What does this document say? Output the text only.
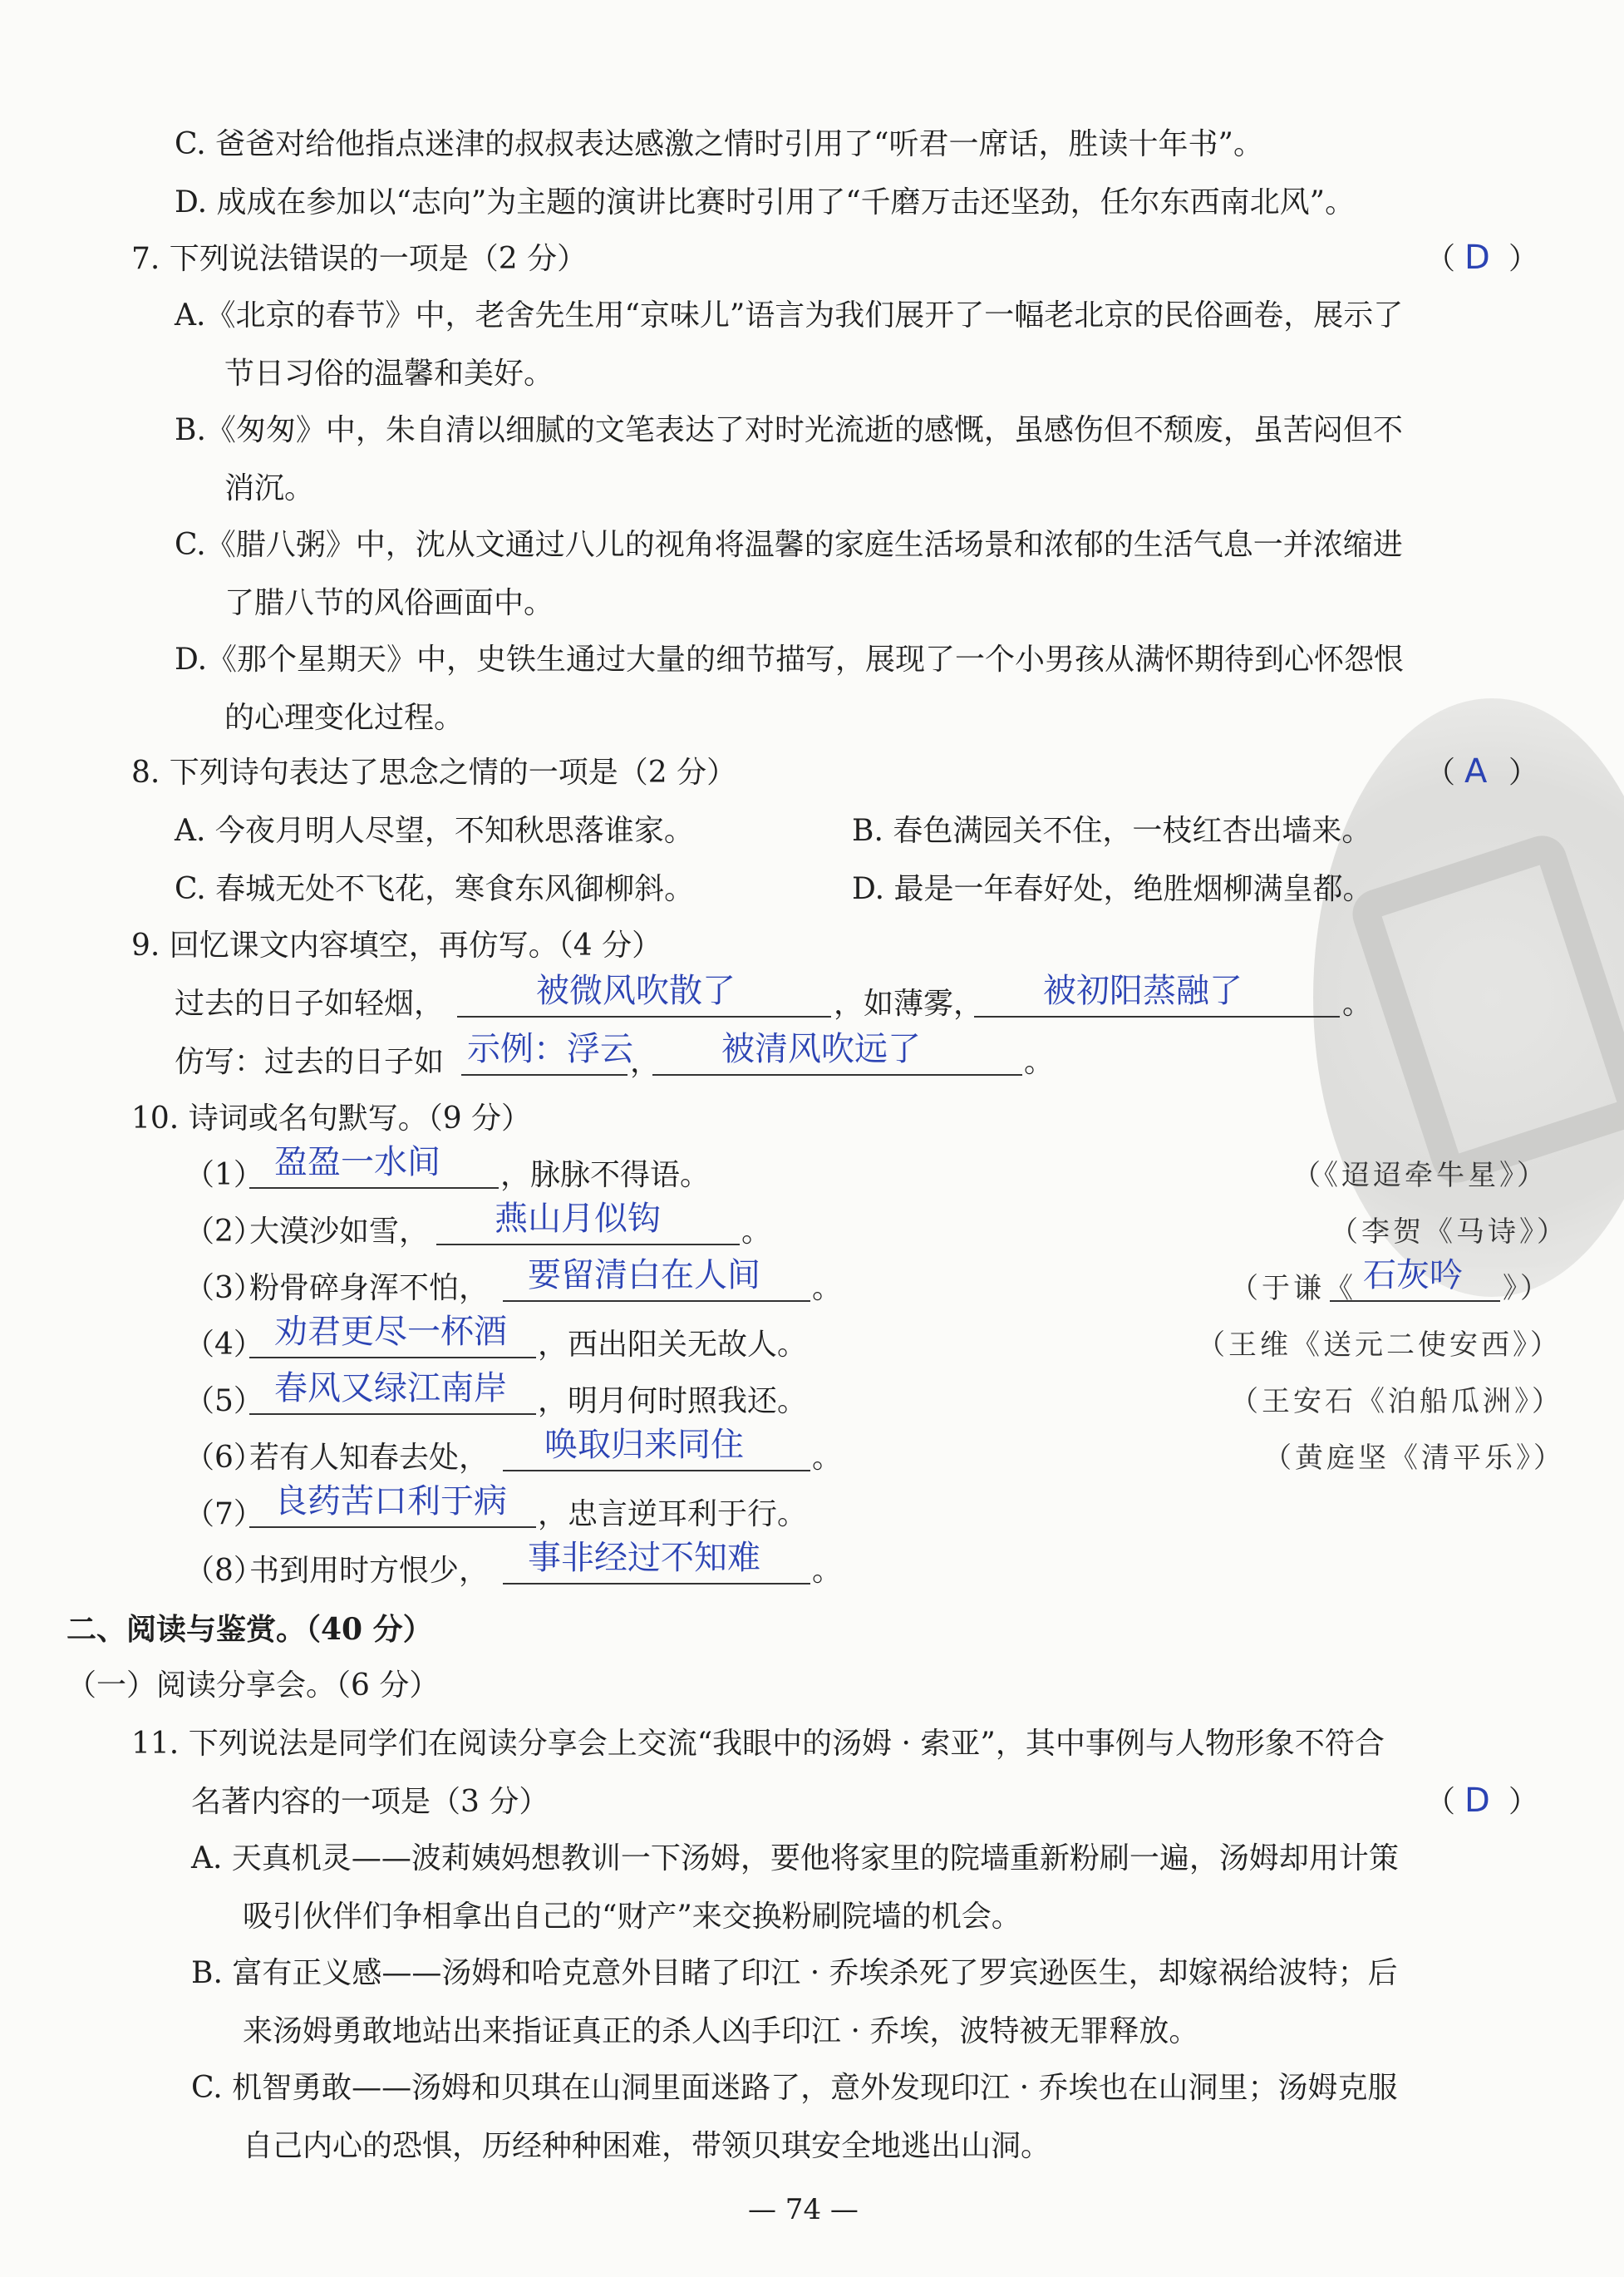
C. 爸爸对给他指点迷津的叔叔表达感激之情时引用了“听君一席话，胜读十年书”。
D. 成成在参加以“志向”为主题的演讲比赛时引用了“千磨万击还坚劲，任尔东西南北风”。
7. 下列说法错误的一项是（2 分）	（ D ）
A.《北京的春节》中，老舍先生用“京味儿”语言为我们展开了一幅老北京的民俗画卷，展示了
节日习俗的温馨和美好。
B.《匆匆》中，朱自清以细腻的文笔表达了对时光流逝的感慨，虽感伤但不颓废，虽苦闷但不
消沉。
C.《腊八粥》中，沈从文通过八儿的视角将温馨的家庭生活场景和浓郁的生活气息一并浓缩进
了腊八节的风俗画面中。
D.《那个星期天》中，史铁生通过大量的细节描写，展现了一个小男孩从满怀期待到心怀怨恨
的心理变化过程。
8. 下列诗句表达了思念之情的一项是（2 分）	（ A ）
A. 今夜月明人尽望，不知秋思落谁家。	B. 春色满园关不住，一枝红杏出墙来。
C. 春城无处不飞花，寒食东风御柳斜。	D. 最是一年春好处，绝胜烟柳满皇都。
9. 回忆课文内容填空，再仿写。（4 分）
过去的日子如轻烟，	被微风吹散了	，如薄雾， 被初阳蒸融了	。
仿写：过去的日子如 示例：浮云
， 被清风吹远了	。
10. 诗词或名句默写。（9 分）
（1） 盈盈一水间 ，脉脉不得语。	（《迢迢牵牛星》）
（2）
大漠沙如雪， 燕山月似钩	。	（李贺《马诗》）
（3）
粉骨碎身浑不怕， 要留清白在人间 。	（于谦《 石灰吟 》）
（4） 劝君更尽一杯酒 ，西出阳关无故人。	（王维《送元二使安西》）
（5） 春风又绿江南岸 ，明月何时照我还。	（王安石《泊船瓜洲》）
（6）
若有人知春去处， 唤取归来同住 。	（黄庭坚《清平乐》）
（7） 良药苦口利于病 ，忠言逆耳利于行。
（8）
书到用时方恨少， 事非经过不知难 。
二、阅读与鉴赏。（40 分）
（一）阅读分享会。（6 分）
11. 下列说法是同学们在阅读分享会上交流“我眼中的汤姆 · 索亚”，其中事例与人物形象不符合
名著内容的一项是（3 分）	（ D ）
A. 天真机灵——波莉姨妈想教训一下汤姆，要他将家里的院墙重新粉刷一遍，汤姆却用计策
吸引伙伴们争相拿出自己的“财产”来交换粉刷院墙的机会。
B. 富有正义感——汤姆和哈克意外目睹了印江 · 乔埃杀死了罗宾逊医生，却嫁祸给波特；后
来汤姆勇敢地站出来指证真正的杀人凶手印江 · 乔埃，波特被无罪释放。
C. 机智勇敢——汤姆和贝琪在山洞里面迷路了，意外发现印江 · 乔埃也在山洞里；汤姆克服
自己内心的恐惧，历经种种困难，带领贝琪安全地逃出山洞。
— 74 —
